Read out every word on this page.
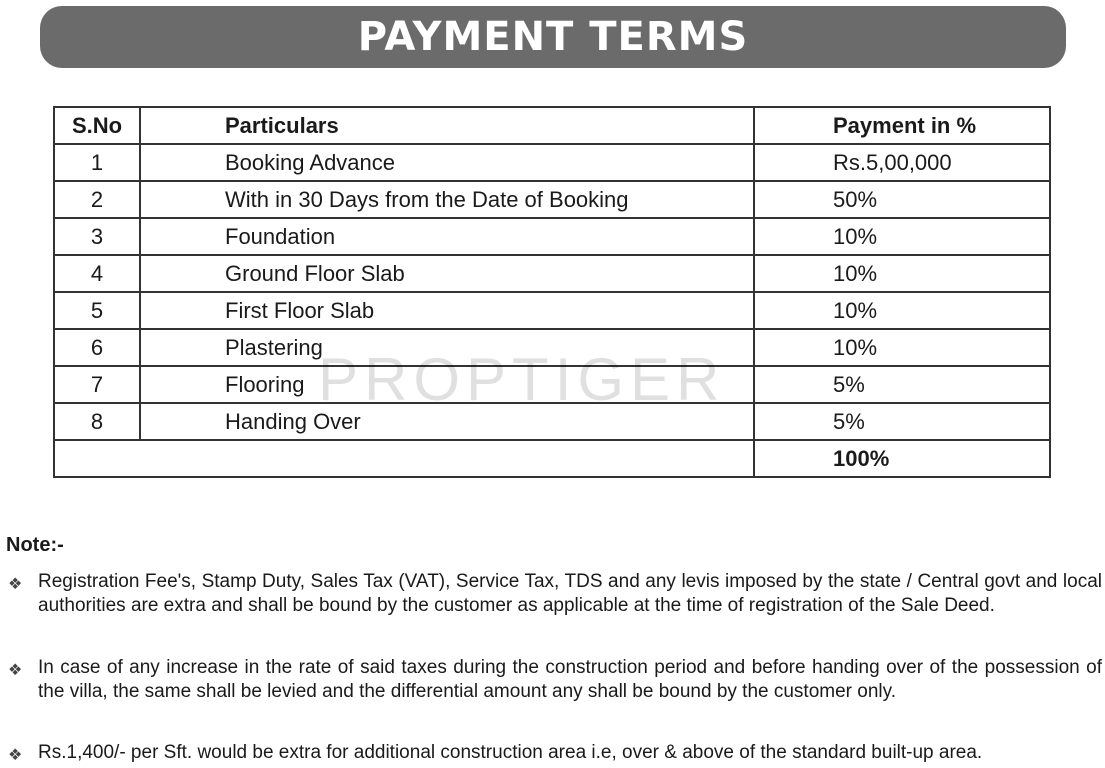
PAYMENT TERMS
S.No	Particulars	Payment in %
1	Booking Advance	Rs.5,00,000
2	With in 30 Days from the Date of Booking	50%
3	Foundation	10%
4	Ground Floor Slab	10%
5	First Floor Slab	10%
6	Plastering	10%
7	Flooring	5%
8	Handing Over	5%
		100%
PROPTIGER
Note:-
❖ Registration Fee's, Stamp Duty, Sales Tax (VAT), Service Tax, TDS and any levis imposed by the state / Central govt and local authorities are extra and shall be bound by the customer as applicable at the time of registration of the Sale Deed.
❖ In case of any increase in the rate of said taxes during the construction period and before handing over of the possession of the villa, the same shall be levied and the differential amount any shall be bound by the customer only.
❖ Rs.1,400/- per Sft. would be extra for additional construction area i.e, over & above of the standard built-up area.
